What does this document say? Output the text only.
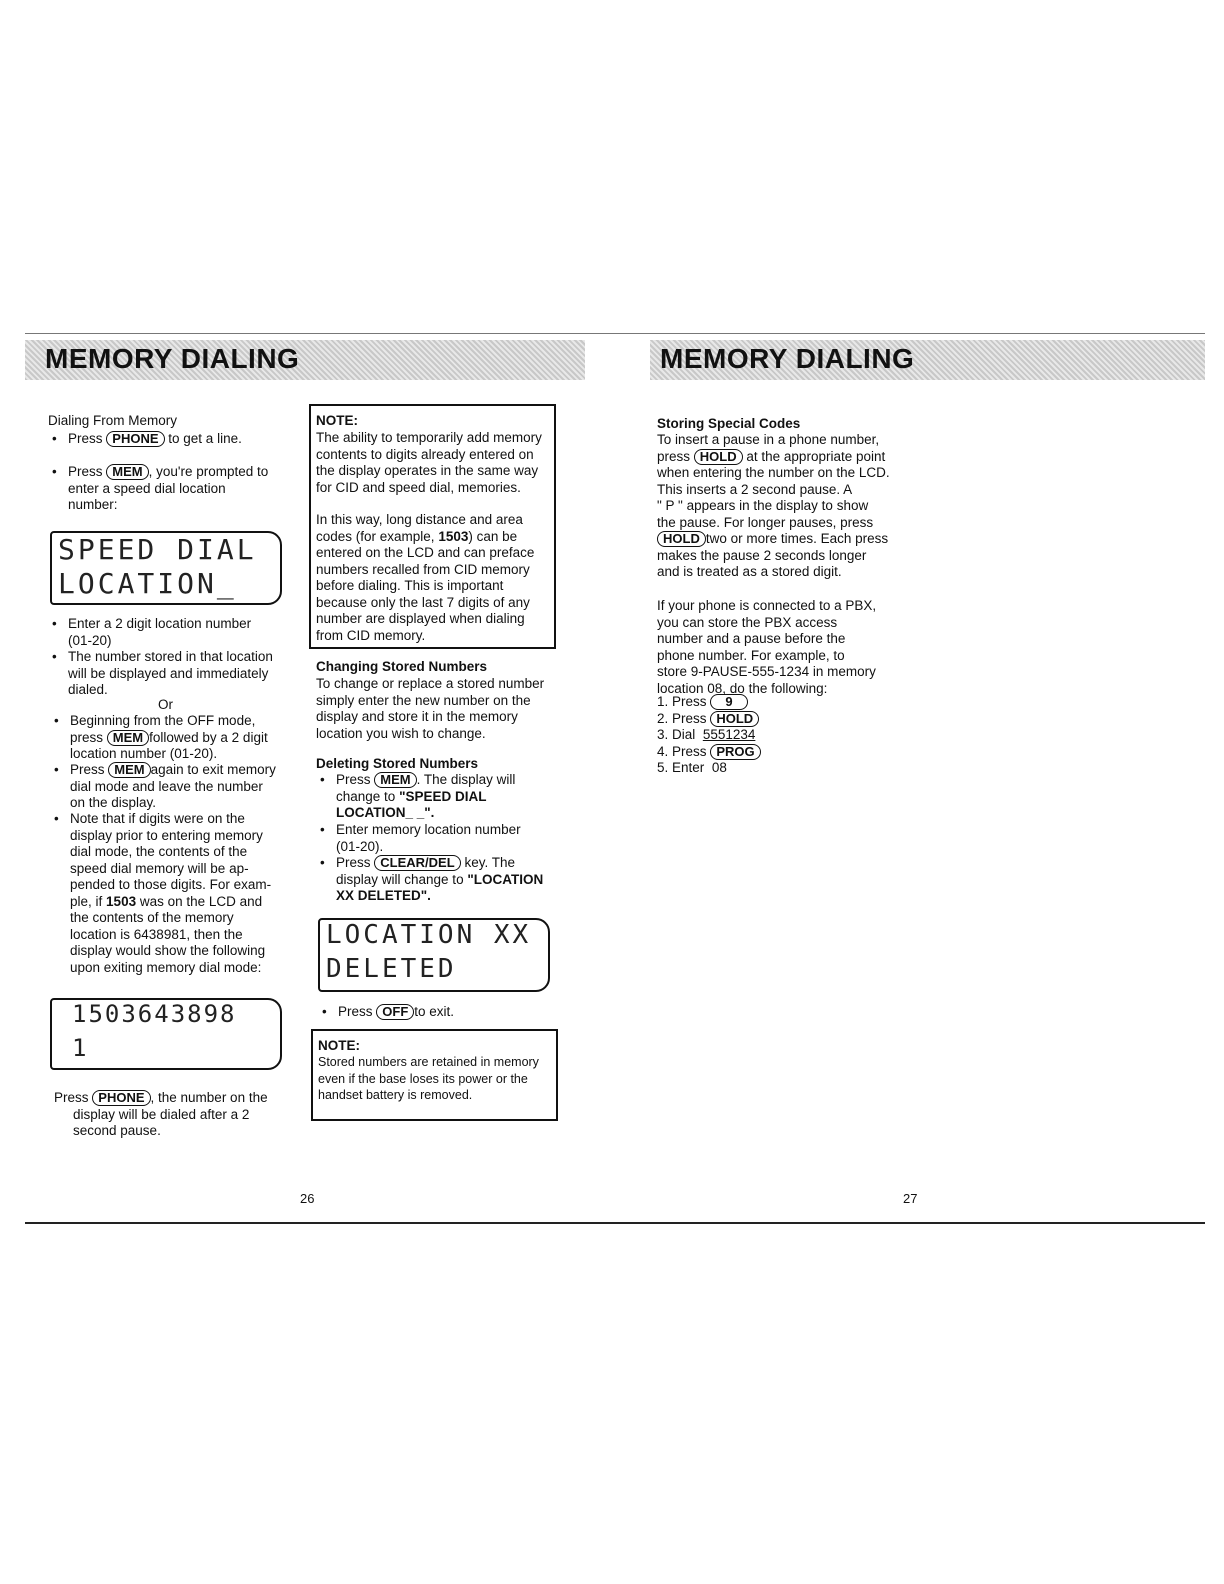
MEMORY DIALING	MEMORY DIALING
Dialing From Memory
• Press PHONE to get a line.
• Press MEM , you're prompted to
enter a speed dial location
number:
SPEED DIAL
LOCATION_
• Enter a 2 digit location number
(01-20)
• The number stored in that location
will be displayed and immediately
dialed.
Or
• Beginning from the OFF mode,
press MEM followed by a 2 digit
location number (01-20).
• Press MEM again to exit memory
dial mode and leave the number
on the display.
• Note that if digits were on the
display prior to entering memory
dial mode, the contents of the
speed dial memory will be ap-
pended to those digits. For exam-
ple, if 1503 was on the LCD and
the contents of the memory
location is 6438981, then the
display would show the following
upon exiting memory dial mode:
1503643898
1
Press PHONE , the number on the
display will be dialed after a 2
second pause.
NOTE:
The ability to temporarily add memory
contents to digits already entered on
the display operates in the same way
for CID and speed dial, memories.

In this way, long distance and area
codes (for example, 1503) can be
entered on the LCD and can preface
numbers recalled from CID memory
before dialing. This is important
because only the last 7 digits of any
number are displayed when dialing
from CID memory.
Changing Stored Numbers
To change or replace a stored number
simply enter the new number on the
display and store it in the memory
location you wish to change.
Deleting Stored Numbers
• Press MEM . The display will
change to "SPEED DIAL
LOCATION_ _".
• Enter memory location number
(01-20).
• Press CLEAR/DEL key. The
display will change to "LOCATION
XX DELETED".
LOCATION XX
DELETED
• Press OFF to exit.
NOTE:
Stored numbers are retained in memory
even if the base loses its power or the
handset battery is removed.
26
Storing Special Codes
To insert a pause in a phone number,
press HOLD at the appropriate point
when entering the number on the LCD.
This inserts a 2 second pause. A
" P " appears in the display to show
the pause. For longer pauses, press
HOLD two or more times. Each press
makes the pause 2 seconds longer
and is treated as a stored digit.
If your phone is connected to a PBX,
you can store the PBX access
number and a pause before the
phone number. For example, to
store 9-PAUSE-555-1234 in memory
location 08, do the following:
1. Press 9
2. Press HOLD
3. Dial 5551234
4. Press PROG
5. Enter 08
27
